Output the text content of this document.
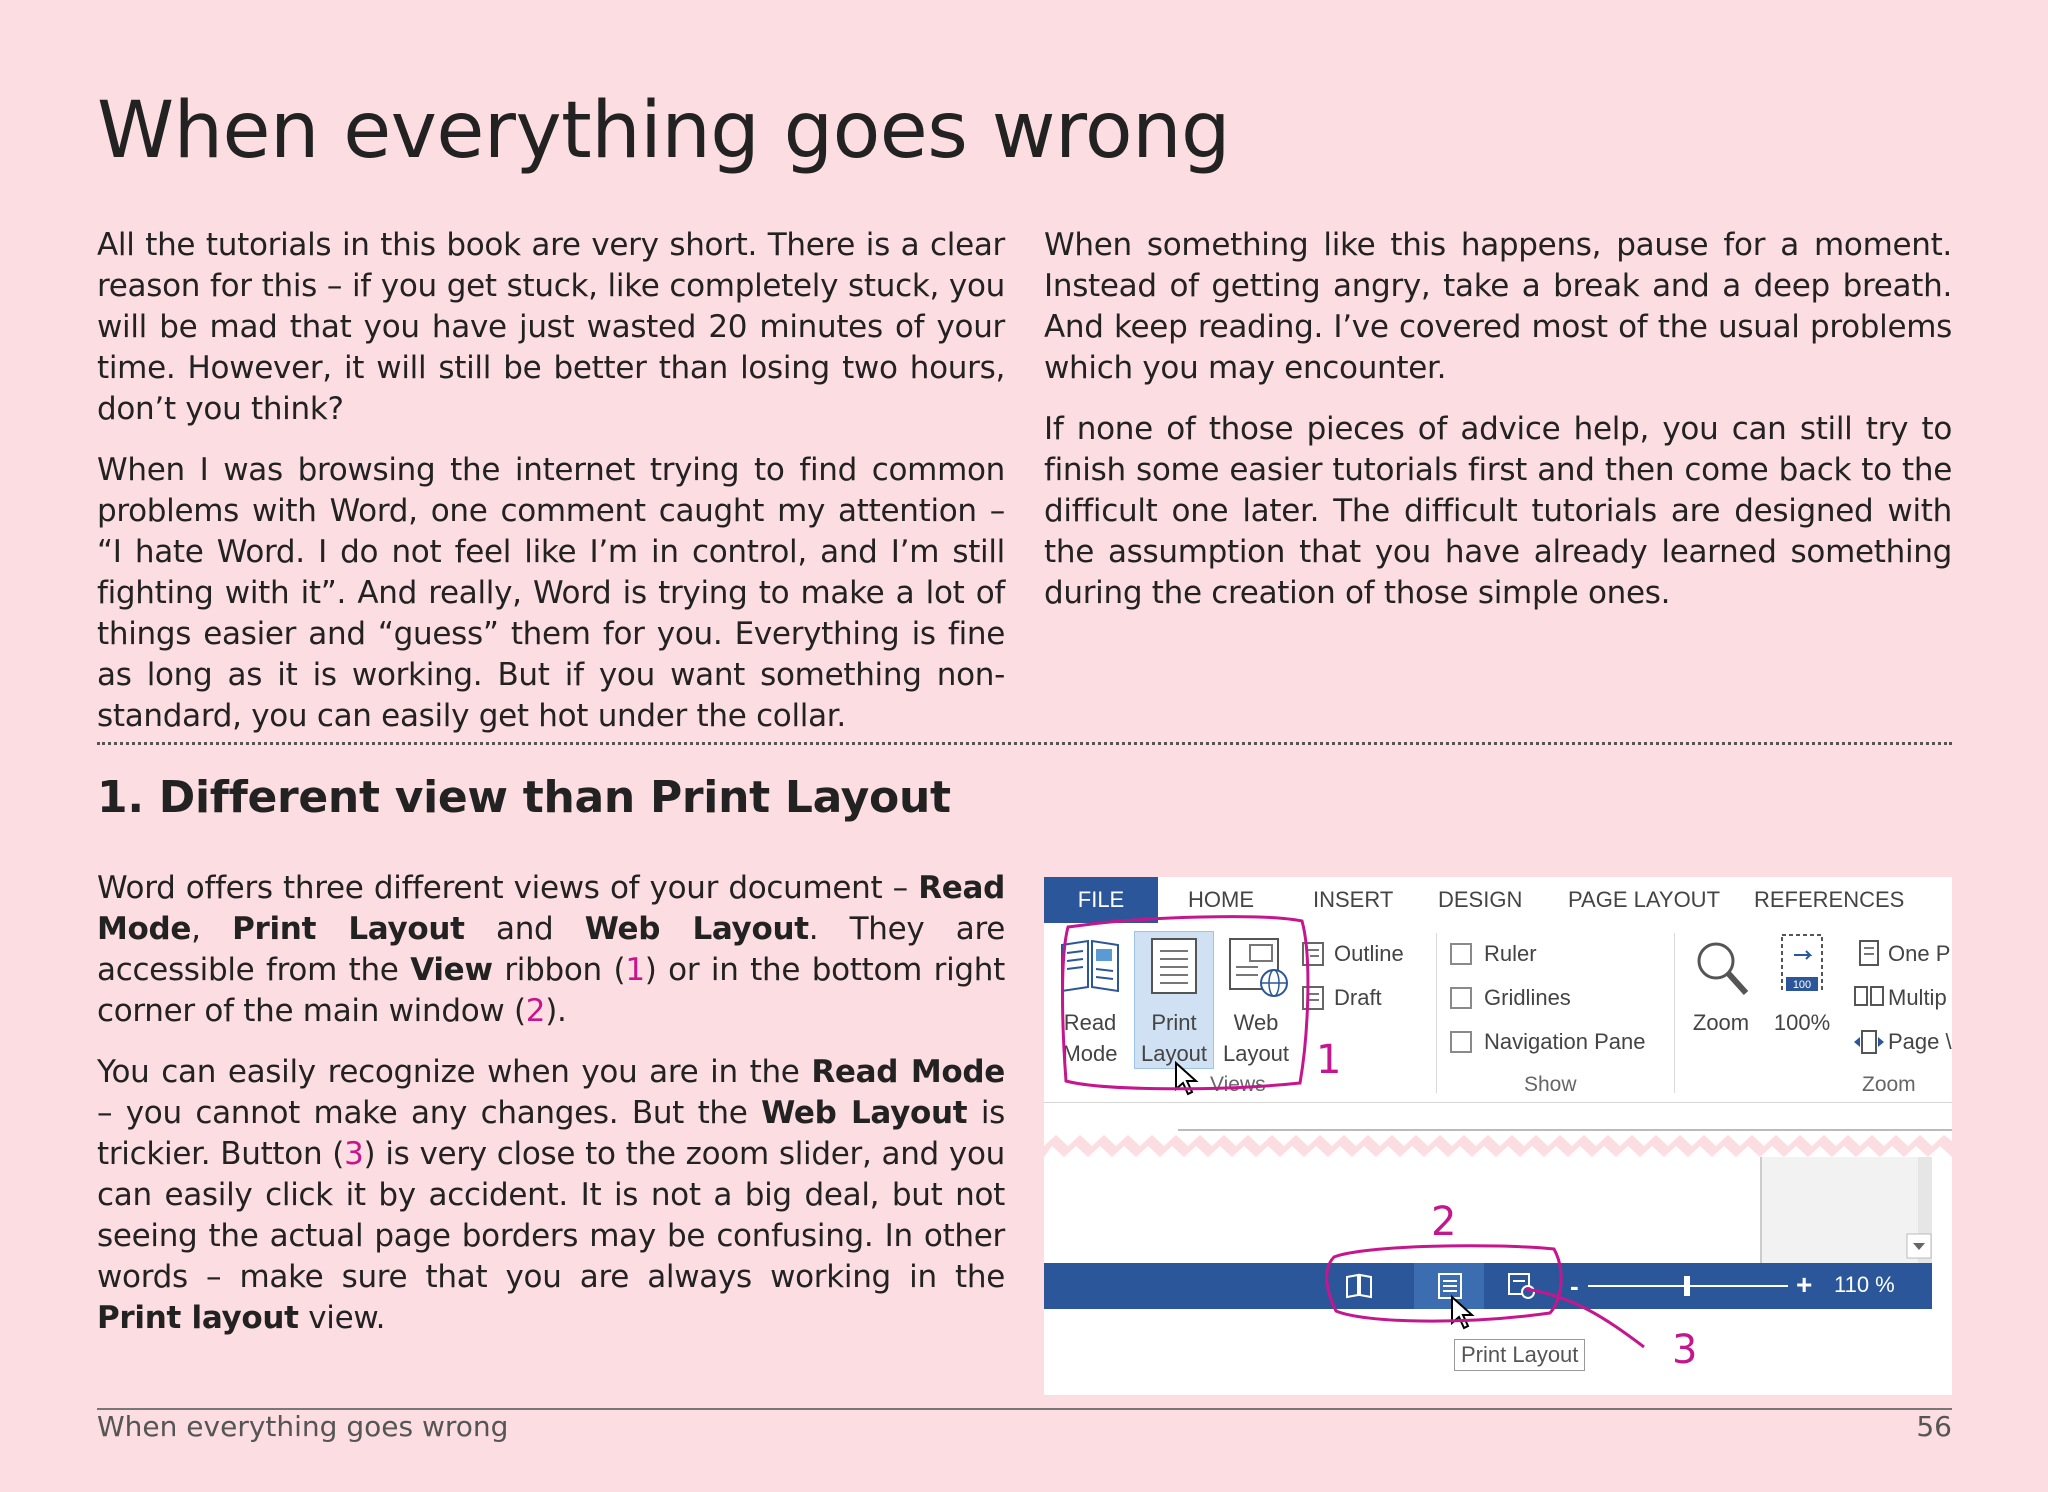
When everything goes wrong

All the tutorials in this book are very short. There is a clear reason for this – if you get stuck, like completely stuck, you will be mad that you have just wasted 20 minutes of your time. However, it will still be better than losing two hours, don’t you think?

When I was browsing the internet trying to find common problems with Word, one comment caught my attention – “I hate Word. I do not feel like I’m in control, and I’m still fighting with it”. And really, Word is trying to make a lot of things easier and “guess” them for you. Everything is fine as long as it is working. But if you want something non-standard, you can easily get hot under the collar.

When something like this happens, pause for a moment. Instead of getting angry, take a break and a deep breath. And keep reading. I’ve covered most of the usual problems which you may encounter.

If none of those pieces of advice help, you can still try to finish some easier tutorials first and then come back to the difficult one later. The difficult tutorials are designed with the assumption that you have already learned something during the creation of those simple ones.

1. Different view than Print Layout

Word offers three different views of your document – Read Mode, Print Layout and Web Layout. They are accessible from the View ribbon (1) or in the bottom right corner of the main window (2).

You can easily recognize when you are in the Read Mode – you cannot make any changes. But the Web Layout is trickier. Button (3) is very close to the zoom slider, and you can easily click it by accident. It is not a big deal, but not seeing the actual page borders may be confusing. In other words – make sure that you are always working in the Print layout view.

FILE	HOME	INSERT	DESIGN	PAGE LAYOUT	REFERENCES
Read
Mode
Print
Layout
Web
Layout
Outline
Draft
Views
Ruler
Gridlines
Navigation Pane
Show
Zoom
100
100%
One P
Multip
Page \
Zoom
-	+ 110 %
Print Layout
1
2
3
When everything goes wrong	56
